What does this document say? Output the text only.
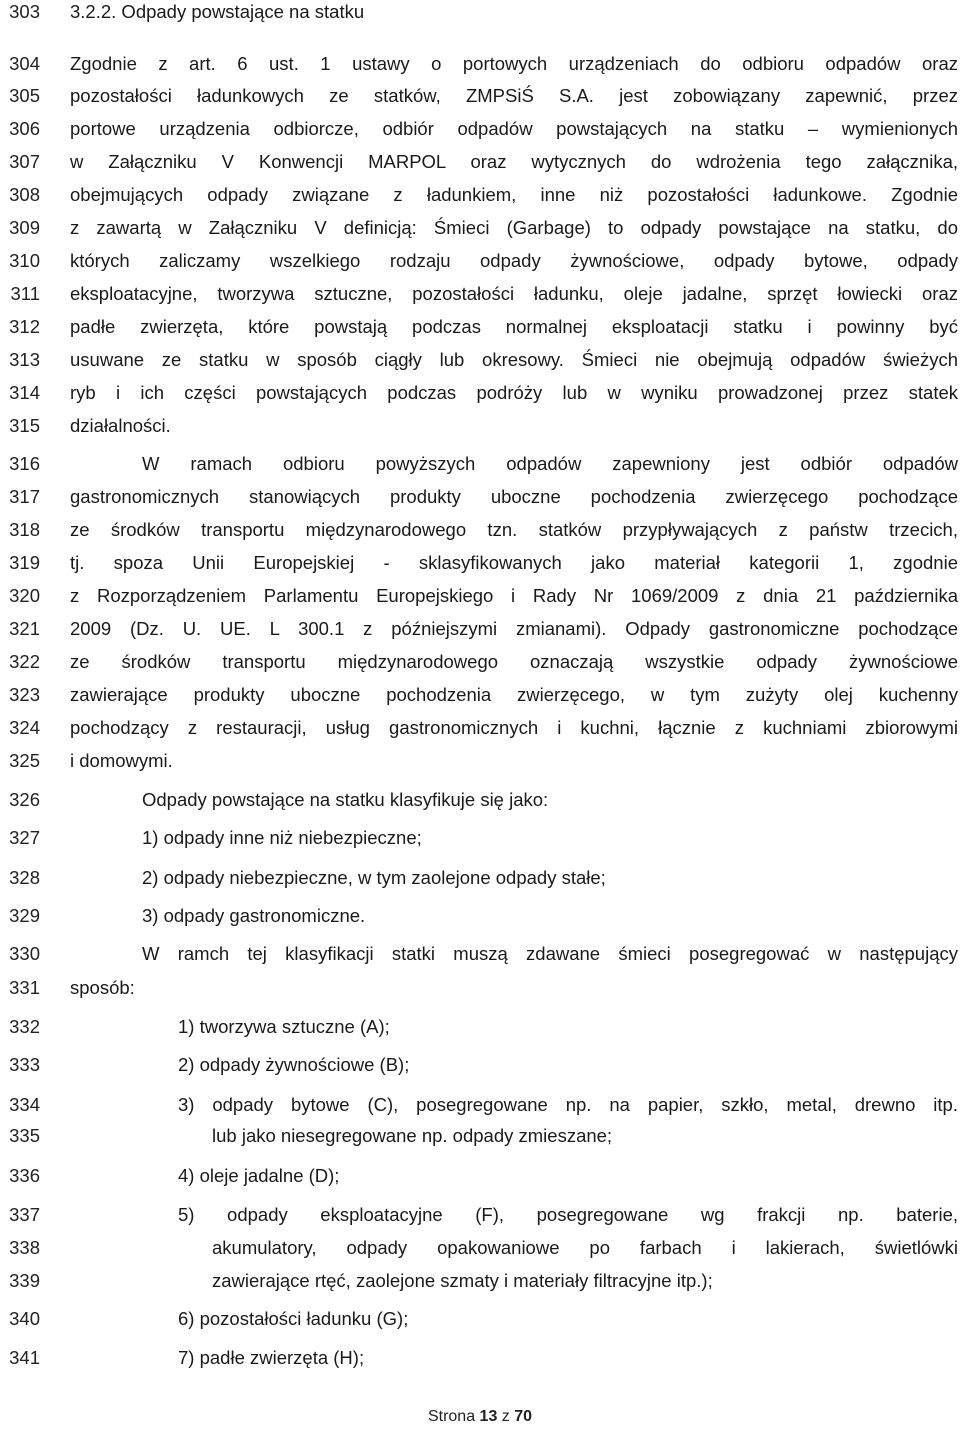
303 3.2.2. Odpady powstające na statku
304 Zgodnie z art. 6 ust. 1 ustawy o portowych urządzeniach do odbioru odpadów oraz
305 pozostałości ładunkowych ze statków, ZMPSiŚ S.A. jest zobowiązany zapewnić, przez
306 portowe urządzenia odbiorcze, odbiór odpadów powstających na statku – wymienionych
307 w Załączniku V Konwencji MARPOL oraz wytycznych do wdrożenia tego załącznika,
308 obejmujących odpady związane z ładunkiem, inne niż pozostałości ładunkowe. Zgodnie
309 z zawartą w Załączniku V definicją: Śmieci (Garbage) to odpady powstające na statku, do
310 których zaliczamy wszelkiego rodzaju odpady żywnościowe, odpady bytowe, odpady
311 eksploatacyjne, tworzywa sztuczne, pozostałości ładunku, oleje jadalne, sprzęt łowiecki oraz
312 padłe zwierzęta, które powstają podczas normalnej eksploatacji statku i powinny być
313 usuwane ze statku w sposób ciągły lub okresowy. Śmieci nie obejmują odpadów świeżych
314 ryb i ich części powstających podczas podróży lub w wyniku prowadzonej przez statek
315 działalności.
316	W ramach odbioru powyższych odpadów zapewniony jest odbiór odpadów
317 gastronomicznych stanowiących produkty uboczne pochodzenia zwierzęcego pochodzące
318 ze środków transportu międzynarodowego tzn. statków przypływających z państw trzecich,
319 tj. spoza Unii Europejskiej - sklasyfikowanych jako materiał kategorii 1, zgodnie
320 z Rozporządzeniem Parlamentu Europejskiego i Rady Nr 1069/2009 z dnia 21 października
321 2009 (Dz. U. UE. L 300.1 z późniejszymi zmianami). Odpady gastronomiczne pochodzące
322 ze środków transportu międzynarodowego oznaczają wszystkie odpady żywnościowe
323 zawierające produkty uboczne pochodzenia zwierzęcego, w tym zużyty olej kuchenny
324 pochodzący z restauracji, usług gastronomicznych i kuchni, łącznie z kuchniami zbiorowymi
325 i domowymi.
326	Odpady powstające na statku klasyfikuje się jako:
327	1) odpady inne niż niebezpieczne;
328	2) odpady niebezpieczne, w tym zaolejone odpady stałe;
329	3) odpady gastronomiczne.
330	W ramch tej klasyfikacji statki muszą zdawane śmieci posegregować w następujący
331 sposób:
332	1) tworzywa sztuczne (A);
333	2) odpady żywnościowe (B);
334	3) odpady bytowe (C), posegregowane np. na papier, szkło, metal, drewno itp.
335	lub jako niesegregowane np. odpady zmieszane;
336	4) oleje jadalne (D);
337	5) odpady eksploatacyjne (F), posegregowane wg frakcji np. baterie,
338	akumulatory, odpady opakowaniowe po farbach i lakierach, świetlówki
339	zawierające rtęć, zaolejone szmaty i materiały filtracyjne itp.);
340	6) pozostałości ładunku (G);
341	7) padłe zwierzęta (H);
Strona 13 z 70
